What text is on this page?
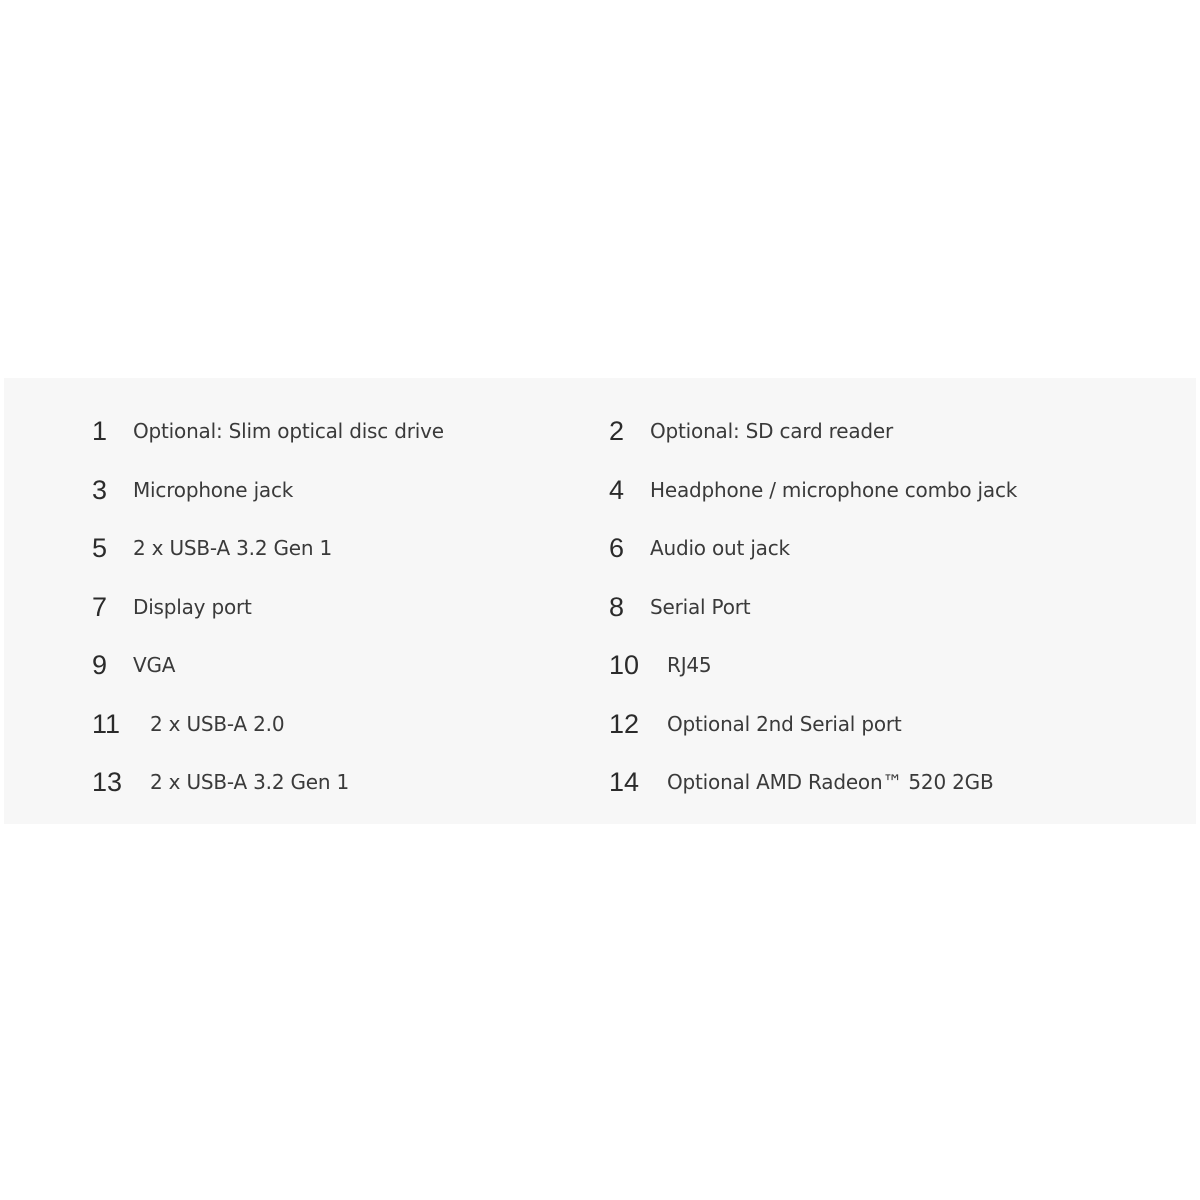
1	Optional: Slim optical disc drive	2	Optional: SD card reader
3	Microphone jack	4	Headphone / microphone combo jack
5	2 x USB-A 3.2 Gen 1	6	Audio out jack
7	Display port	8	Serial Port
9	VGA	10	RJ45
11	2 x USB-A 2.0	12	Optional 2nd Serial port
13	2 x USB-A 3.2 Gen 1	14	Optional AMD Radeon™ 520 2GB
